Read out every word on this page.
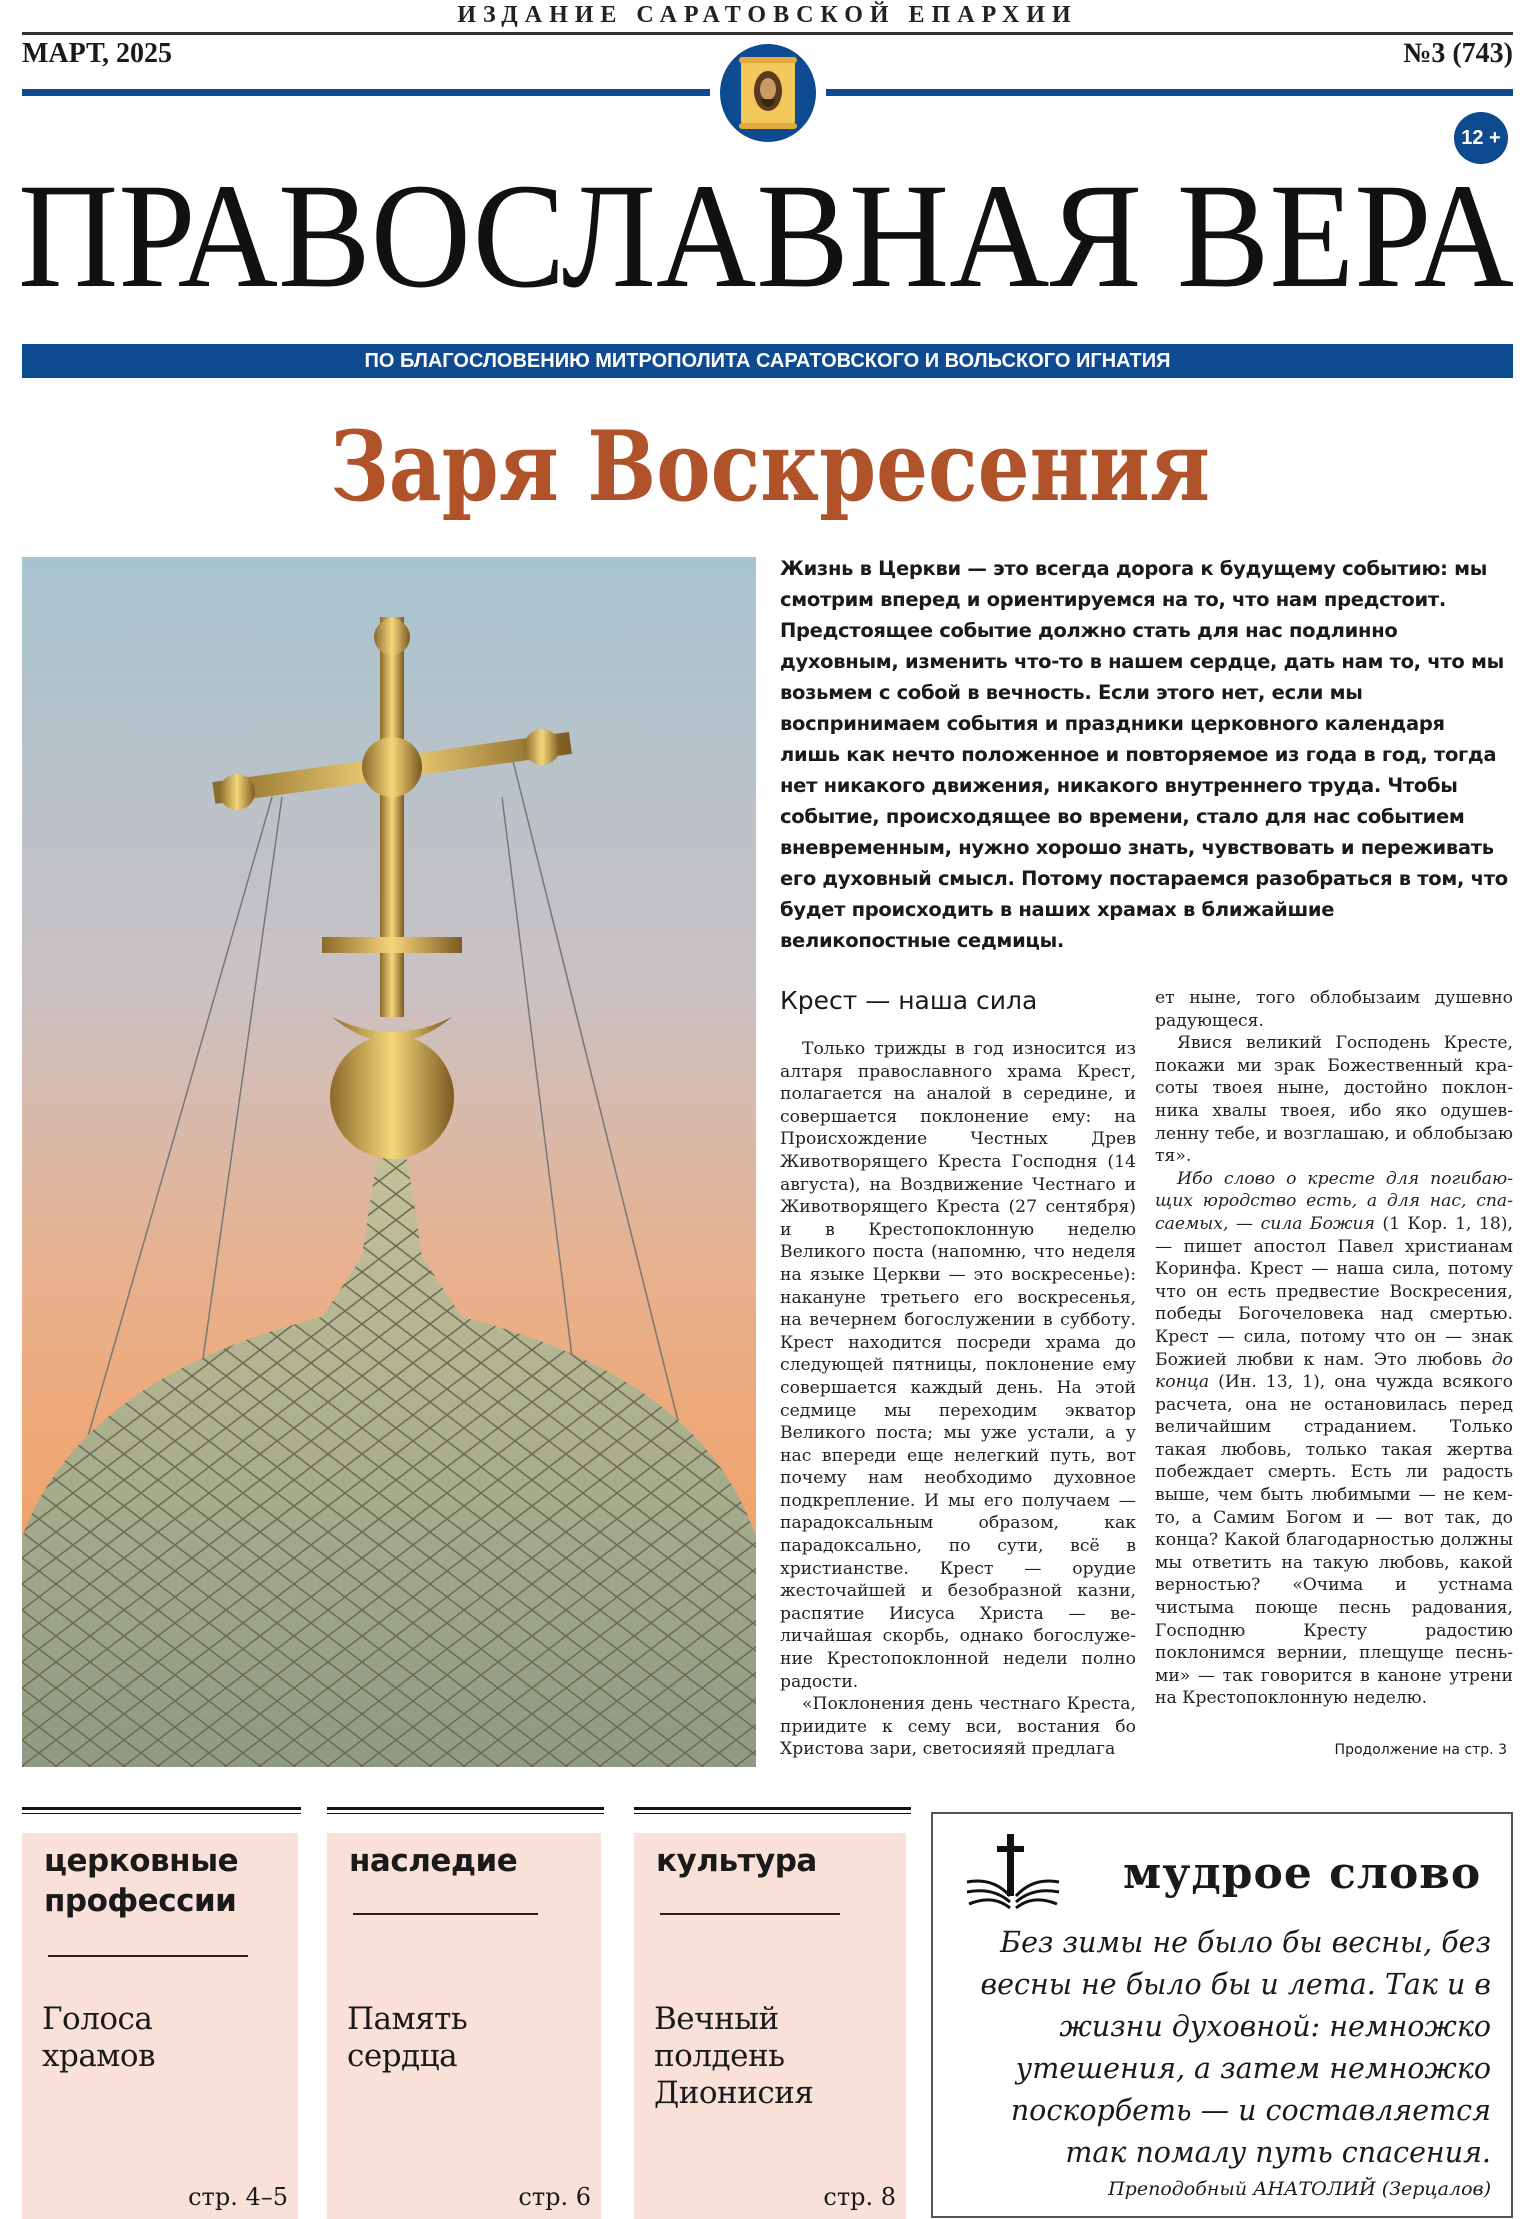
ИЗДАНИЕ САРАТОВСКОЙ ЕПАРХИИ
МАРТ, 2025	№3 (743)
12 +
ПРАВОСЛАВНАЯ ВЕРА
ПО БЛАГОСЛОВЕНИЮ МИТРОПОЛИТА САРАТОВСКОГО И ВОЛЬСКОГО ИГНАТИЯ
Заря Воскресения
Жизнь в Церкви — это всегда дорога к будущему событию: мы смотрим вперед и ориентируемся на то, что нам предстоит. Предстоящее событие должно стать для нас подлинно духовным, изменить что-то в нашем сердце, дать нам то, что мы возьмем с собой в вечность. Если этого нет, если мы воспринимаем события и праздники церковного календаря лишь как нечто положенное и повторяемое из года в год, тогда нет никакого движения, никакого внутреннего труда. Чтобы событие, происходящее во времени, стало для нас событием вневременным, нужно хорошо знать, чувствовать и переживать его духовный смысл. Потому постараемся разобраться в том, что будет происходить в наших храмах в ближайшие великопостные седмицы.
Крест — наша сила

Только трижды в год износится из алтаря православного храма Крест, полагается на аналой в середине, и совершается поклонение ему: на Происхождение Честных Древ Животворящего Креста Господня (14 августа), на Воздвижение Честнаго и Животворящего Креста (27 сентября) и в Крестопоклонную неделю Великого поста (напомню, что неделя на языке Церкви — это воскресенье): накануне третьего его воскресенья, на вечернем богослужении в субботу. Крест находится посреди храма до следующей пятницы, поклонение ему совершается каждый день. На этой седмице мы переходим экватор Великого поста; мы уже устали, а у нас впереди еще нелегкий путь, вот почему нам необходимо духовное подкрепление. И мы его получаем — парадоксальным образом, как парадоксально, по сути, всё в христианстве. Крест — орудие жесточайшей и безобразной казни, распятие Иисуса Христа — величайшая скорбь, однако богослужение Крестопоклонной недели полно радости.

«Поклонения день честнаго Креста, приидите к сему вси, востания бо Христова зари, светосияяй предлага

ет ныне, того облобызаим душевно радующеся.

Явися великий Господень Кресте, покажи ми зрак Божественный красоты твоея ныне, достойно поклонника хвалы твоея, ибо яко одушевленну тебе, и возглашаю, и облобызаю тя».

Ибо слово о кресте для погибающих юродство есть, а для нас, спасаемых, — сила Божия (1 Кор. 1, 18), — пишет апостол Павел христианам Коринфа. Крест — наша сила, потому что он есть предвестие Воскресения, победы Богочеловека над смертью. Крест — сила, потому что он — знак Божией любви к нам. Это любовь до конца (Ин. 13, 1), она чужда всякого расчета, она не остановилась перед величайшим страданием. Только такая любовь, только такая жертва побеждает смерть. Есть ли радость выше, чем быть любимыми — не кем-то, а Самим Богом и — вот так, до конца? Какой благодарностью должны мы ответить на такую любовь, какой верностью? «Очима и устнама чистыма поюще песнь радования, Господню Кресту радостию поклонимся вернии, плещуще песньми» — так говорится в каноне утрени на Крестопоклонную неделю.

Продолжение на стр. 3
церковные профессии
Голоса храмов
стр. 4–5
наследие
Память сердца
стр. 6
культура
Вечный полдень Дионисия
стр. 8
мудрое слово
Без зимы не было бы весны, без весны не было бы и лета. Так и в жизни духовной: немножко утешения, а затем немножко поскорбеть — и составляется так помалу путь спасения.
Преподобный АНАТОЛИЙ (Зерцалов)
